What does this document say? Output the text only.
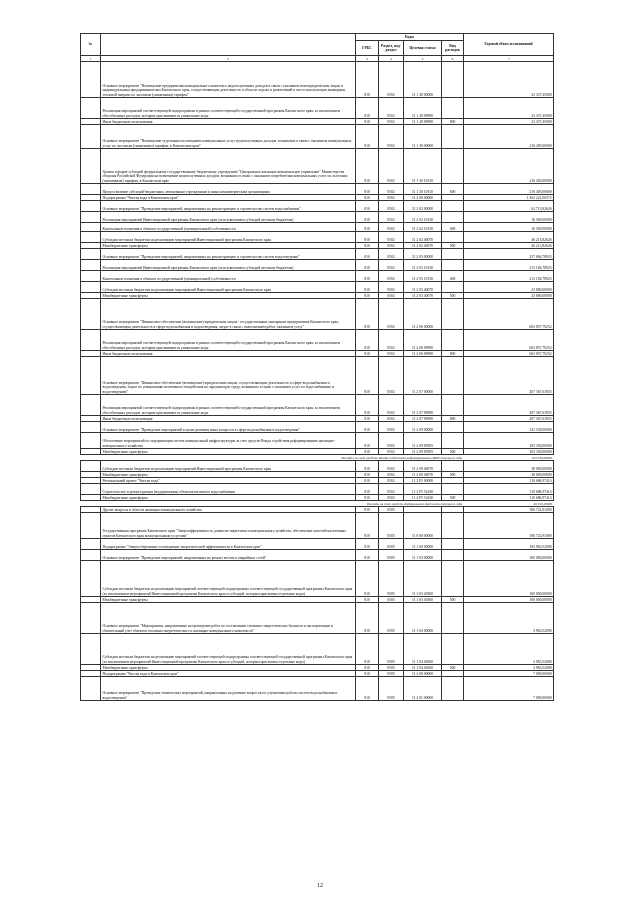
№		Коды				Годовой объем ассигнований
		ГРБС	Раздел, под-раздел	Целевая статья	Вид расходов	
1	2	3	4	5	6	7
	Основное мероприятие "Возмещение предприятиям коммунального комплекса недополученных доходов в связи с оказанием ими юридическим лицам и индивидуальным предпринимателям Камчатского края, осуществляющим деятельность в области отдыха и развлечений в части эксплуатации аквапарков, тепловой энергии по льготным (сниженным) тарифам"	810	0502	11 1 28 00000		23 337,45000
	Реализация мероприятий соответствующей подпрограммы в рамках соответствующей государственной программы Камчатского края, за исключением обособленных расходов, которым присваиваются уникальные коды	810	0502	11 1 28 09990		23 337,45000
	Иные бюджетные ассигнования	810	0502	11 1 28 09990	800	23 337,45000
	Основное мероприятие "Возмещение отдельным поставщикам коммунальных услуг недополученных доходов, возникших в связи с оказанием коммунальных услуг по льготным (сниженным) тарифам, в Камчатском крае"	810	0502	11 1 30 00000		216 405,00000
	Гранты в форме субсидий федеральному государственному бюджетному учреждению "Центральное жилищно-коммунальное управление" Министерства обороны Российской Федерации на возмещение недополученных доходов, возникших в связи с оказанием потребителям коммунальных услуг по льготным (сниженным) тарифам, в Камчатском крае	810	0502	11 1 30 10310		216 405,00000
	Предоставление субсидий бюджетным, автономным учреждениям и иным некоммерческим организациям	810	0502	11 1 30 10310	600	216 405,00000
	Подпрограмма "Чистая вода в Камчатском крае"	810	0502	11 2 00 00000		1 362 221,00372
	Основное мероприятие "Проведение мероприятий, направленных на реконструкцию и строительство систем водоснабжения"	810	0502	11 2 02 00000		62 713,82626
	Реализация мероприятий Инвестиционной программы Камчатского края (за исключением субсидий местным бюджетам)	810	0502	11 2 02 10130		16 500,00000
	Капитальные вложения в объекты государственной (муниципальной) собственности	810	0502	11 2 02 10130	400	16 500,00000
	Субсидии местным бюджетам на реализацию мероприятий Инвестиционной программы Камчатского края	810	0502	11 2 02 40070		46 213,82626
	Межбюджетные трансферты	810	0502	11 2 02 40070	500	46 213,82626
	Основное мероприятие "Проведение мероприятий, направленных на реконструкцию и строительство систем водоотведения"	810	0502	11 2 03 00000		237 064,78925
	Реализация мероприятий Инвестиционной программы Камчатского края (за исключением субсидий местным бюджетам)	810	0502	11 2 03 10130		213 184,78925
	Капитальные вложения в объекты государственной (муниципальной) собственности	810	0502	11 2 03 10130	400	213 184,78925
	Субсидии местным бюджетам на реализацию мероприятий Инвестиционной программы Камчатского края	810	0502	11 2 03 40070		23 880,00000
	Межбюджетные трансферты	810	0502	11 2 03 40070	500	23 880,00000
	Основное мероприятие "Финансовое обеспечение (возмещение) юридическим лицам - государственным унитарным предприятиям Камчатского края, осуществляющим деятельность в сфере водоснабжения и водоотведения, затрат в связи с выполнением работ, оказанием услуг"	810	0502	11 2 06 00000		602 857,79252
	Реализация мероприятий соответствующей подпрограммы в рамках соответствующей государственной программы Камчатского края, за исключением обособленных расходов, которым присваиваются уникальные коды	810	0502	11 2 06 09990		602 857,79252
	Иные бюджетные ассигнования	810	0502	11 2 06 09990	800	602 857,79252
	Основное мероприятие "Финансовое обеспечение (возмещение) юридическим лицам, осуществляющим деятельность в сфере водоснабжения и водоотведения, затрат по уменьшению негативного воздействия на окружающую среду, возникших в связи с оказанием услуг по водоснабжению и водоотведению"	810	0502	11 2 07 00000		207 367,61855
	Реализация мероприятий соответствующей подпрограммы в рамках соответствующей государственной программы Камчатского края, за исключением обособленных расходов, которым присваиваются уникальные коды	810	0502	11 2 07 09990		207 367,61855
	Иные бюджетные ассигнования	810	0502	11 2 07 09990	800	207 367,61855
	Основное мероприятие "Проведение мероприятий в целях решения иных вопросов в сфере водоснабжения и водоотведения"	810	0502	11 2 09 00000		141 530,00000
	Обеспечение мероприятий по модернизации систем коммунальной инфраструктуры за счет средств Фонда содействия реформированию жилищно-коммунального хозяйства	810	0502	11 2 09 09505		103 330,00000
	Межбюджетные трансферты	810	0502	11 2 09 09505	500	103 330,00000
Расходы за счет средств Фонда содействия реформированию ЖКХ текущего года						103 330,00000
	Субсидии местным бюджетам на реализацию мероприятий Инвестиционной программы Камчатского края	810	0502	11 2 09 40070		38 000,00000
	Межбюджетные трансферты	810	0502	11 2 09 40070	500	38 000,00000
	Региональный проект "Чистая вода"	810	0502	11 2 F5 00000		110 686,97414
	Строительство и реконструкция (модернизация) объектов питьевого водоснабжения	810	0502	11 2 F5 52430		110 686,97414
	Межбюджетные трансферты	810	0502	11 2 F5 52430	500	110 686,97414
Расходы за счет средств федерального бюджета текущего года						49 310,20000
	Другие вопросы в области жилищно-коммунального хозяйства	810	0505			186 722,91000
	Государственная программа Камчатского края "Энергоэффективность, развитие энергетики и коммунального хозяйства, обеспечение жителей населенных пунктов Камчатского края коммунальными услугами"	810	0505	11 0 00 00000		186 722,91000
	Подпрограмма "Энергосбережение и повышение энергетической эффективности в Камчатском крае"	810	0505	11 1 00 00000		103 963,52000
	Основное мероприятие "Проведение мероприятий, направленных на ремонт ветхих и аварийных сетей"	810	0505	11 1 03 00000		100 000,00000
	Субсидии местным бюджетам на реализацию мероприятий соответствующей подпрограммы соответствующей государственной программы Камчатского края (за исключением мероприятий Инвестиционной программы Камчатского края и субсидий, которым присвоены отдельные коды)	810	0505	11 1 03 40360		100 000,00000
	Межбюджетные трансферты	810	0505	11 1 03 40360	500	100 000,00000
	Основное мероприятие "Мероприятия, направленные на проведение работ по составлению топливно-энергетических балансов и паспортизации и обязательный учет объектов топливно-энергетического и жилищно-коммунального комплексов"	810	0505	11 1 04 00000		3 963,52000
	Субсидии местным бюджетам на реализацию мероприятий соответствующей подпрограммы соответствующей государственной программы Камчатского края (за исключением мероприятий Инвестиционной программы Камчатского края и субсидий, которым присвоены отдельные коды)	810	0505	11 1 04 40360		3 963,52000
	Межбюджетные трансферты	810	0505	11 1 04 40360	500	3 963,52000
	Подпрограмма "Чистая вода в Камчатском крае"	810	0505	11 2 00 00000		7 000,00000
	Основное мероприятие "Проведение технических мероприятий, направленных на решение вопросов по улучшению работы систем водоснабжения и водоотведения"	810	0505	11 2 01 00000		7 000,00000
12
